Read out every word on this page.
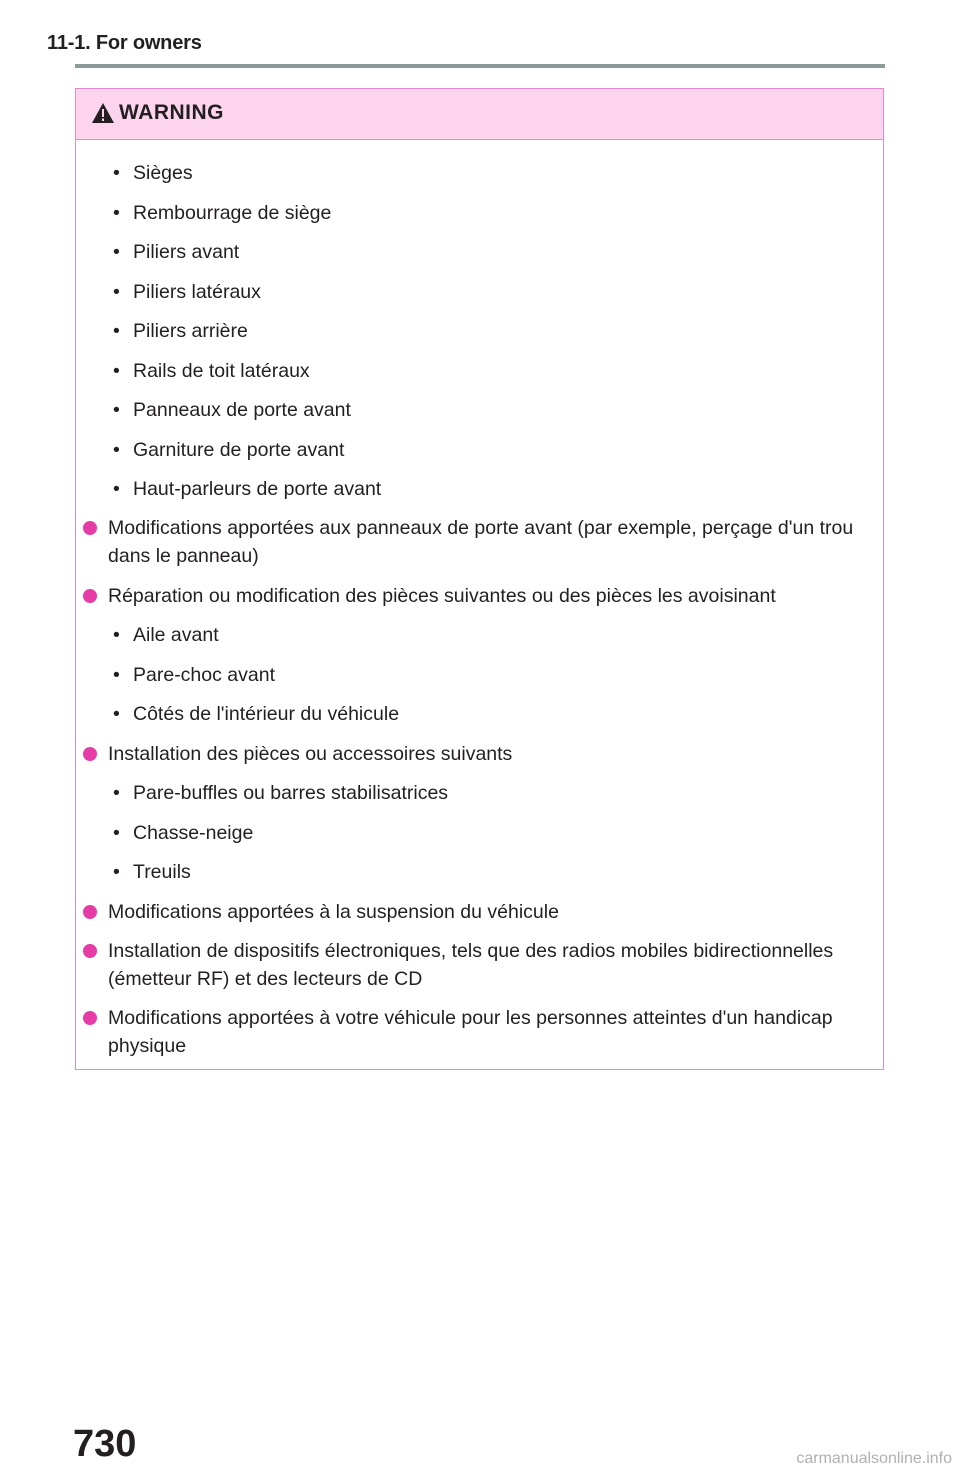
11-1. For owners
WARNING
• Sièges
• Rembourrage de siège
• Piliers avant
• Piliers latéraux
• Piliers arrière
• Rails de toit latéraux
• Panneaux de porte avant
• Garniture de porte avant
• Haut-parleurs de porte avant
Modifications apportées aux panneaux de porte avant (par exemple, perçage d'un trou dans le panneau)
Réparation ou modification des pièces suivantes ou des pièces les avoisinant
• Aile avant
• Pare-choc avant
• Côtés de l'intérieur du véhicule
Installation des pièces ou accessoires suivants
• Pare-buffles ou barres stabilisatrices
• Chasse-neige
• Treuils
Modifications apportées à la suspension du véhicule
Installation de dispositifs électroniques, tels que des radios mobiles bidirectionnelles (émetteur RF) et des lecteurs de CD
Modifications apportées à votre véhicule pour les personnes atteintes d'un handicap physique
730	carmanualsonline.info
